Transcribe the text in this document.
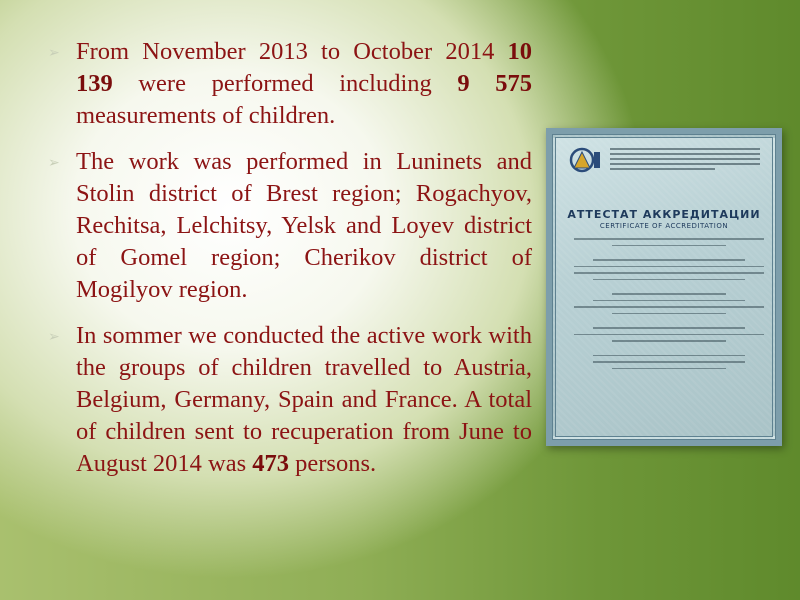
➢ From November 2013 to October 2014 10 139 were performed including 9 575 measurements of children.
➢ The work was performed in Luninets and Stolin district of Brest region; Rogachyov, Rechitsa, Lelchitsy, Yelsk and Loyev district of Gomel region; Cherikov district of Mogilyov region.
➢ In sommer we conducted the active work with the groups of children travelled to Austria, Belgium, Germany, Spain and France. A total of children sent to recuperation from June to August 2014 was 473 persons.
АТТЕСТАТ АККРЕДИТАЦИИ
CERTIFICATE OF ACCREDITATION
